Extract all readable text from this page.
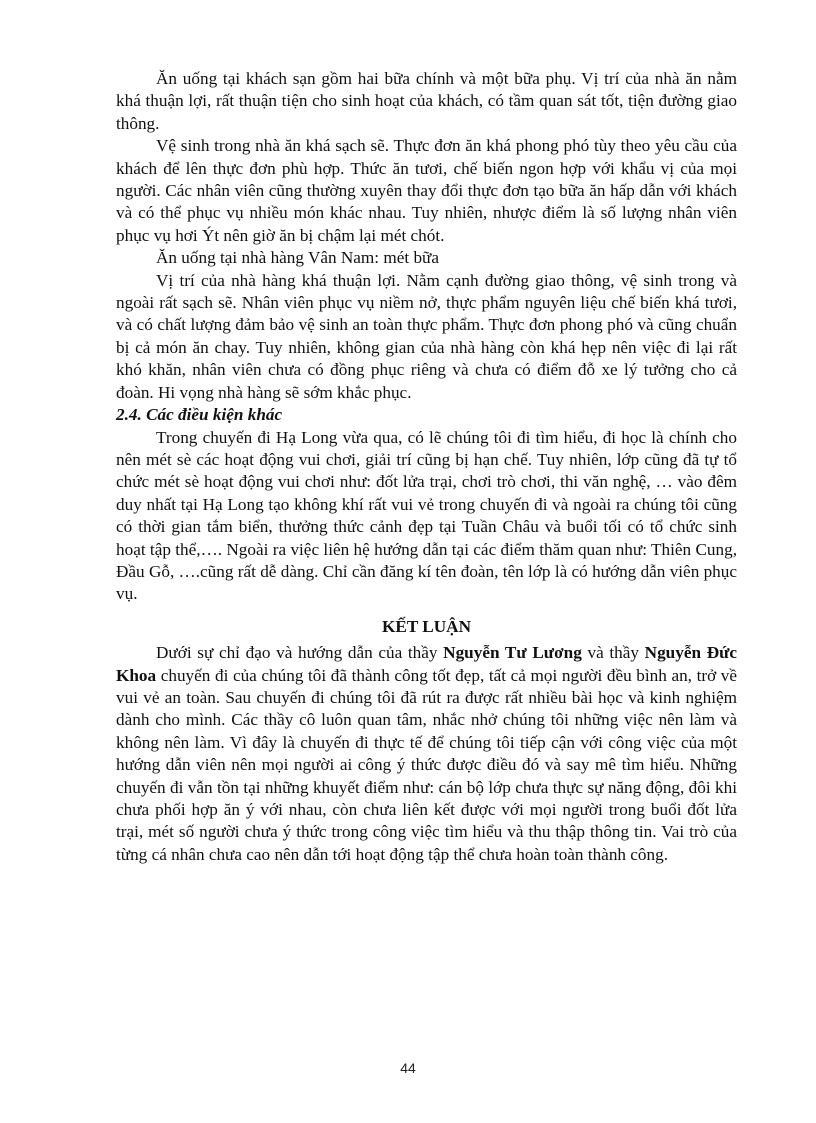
Ăn uống tại khách sạn gồm hai bữa chính và một bữa phụ. Vị trí của nhà ăn nằm khá thuận lợi, rất thuận tiện cho sinh hoạt của khách, có tầm quan sát tốt, tiện đường giao thông.

Vệ sinh trong nhà ăn khá sạch sẽ. Thực đơn ăn khá phong phó tùy theo yêu cầu của khách để lên thực đơn phù hợp. Thức ăn tươi, chế biến ngon hợp với khẩu vị của mọi người. Các nhân viên cũng thường xuyên thay đổi thực đơn tạo bữa ăn hấp dẫn với khách và có thể phục vụ nhiều món khác nhau. Tuy nhiên, nhược điểm là số lượng nhân viên phục vụ hơi Ýt nên giờ ăn bị chậm lại mét chót.

Ăn uống tại nhà hàng Vân Nam: mét bữa

Vị trí của nhà hàng khá thuận lợi. Nằm cạnh đường giao thông, vệ sinh trong và ngoài rất sạch sẽ. Nhân viên phục vụ niềm nở, thực phẩm nguyên liệu chế biến khá tươi, và có chất lượng đảm bảo vệ sinh an toàn thực phẩm. Thực đơn phong phó và cũng chuẩn bị cả món ăn chay. Tuy nhiên, không gian của nhà hàng còn khá hẹp nên việc đi lại rất khó khăn, nhân viên chưa có đồng phục riêng và chưa có điểm đỗ xe lý tưởng cho cả đoàn. Hi vọng nhà hàng sẽ sớm khắc phục.

2.4. Các điều kiện khác

Trong chuyến đi Hạ Long vừa qua, có lẽ chúng tôi đi tìm hiểu, đi học là chính cho nên mét sè các hoạt động vui chơi, giải trí cũng bị hạn chế. Tuy nhiên, lớp cũng đã tự tổ chức mét sè hoạt động vui chơi như: đốt lửa trại, chơi trò chơi, thi văn nghệ, … vào đêm duy nhất tại Hạ Long tạo không khí rất vui vẻ trong chuyến đi và ngoài ra chúng tôi cũng có thời gian tắm biển, thưởng thức cảnh đẹp tại Tuần Châu và buổi tối có tổ chức sinh hoạt tập thể,…. Ngoài ra việc liên hệ hướng dẫn tại các điểm thăm quan như: Thiên Cung, Đầu Gỗ, ….cũng rất dễ dàng. Chỉ cần đăng kí tên đoàn, tên lớp là có hướng dẫn viên phục vụ.

KẾT LUẬN

Dưới sự chỉ đạo và hướng dẫn của thầy Nguyễn Tư Lương và thầy Nguyễn Đức Khoa chuyến đi của chúng tôi đã thành công tốt đẹp, tất cả mọi người đều bình an, trở về vui vẻ an toàn. Sau chuyến đi chúng tôi đã rút ra được rất nhiều bài học và kinh nghiệm dành cho mình. Các thầy cô luôn quan tâm, nhắc nhở chúng tôi những việc nên làm và không nên làm. Vì đây là chuyến đi thực tế để chúng tôi tiếp cận với công việc của một hướng dẫn viên nên mọi người ai công ý thức được điều đó và say mê tìm hiểu. Những chuyến đi vẫn tồn tại những khuyết điểm như: cán bộ lớp chưa thực sự năng động, đôi khi chưa phối hợp ăn ý với nhau, còn chưa liên kết được với mọi người trong buổi đốt lửa trại, mét số người chưa ý thức trong công việc tìm hiểu và thu thập thông tin. Vai trò của từng cá nhân chưa cao nên dẫn tới hoạt động tập thể chưa hoàn toàn thành công.

44
